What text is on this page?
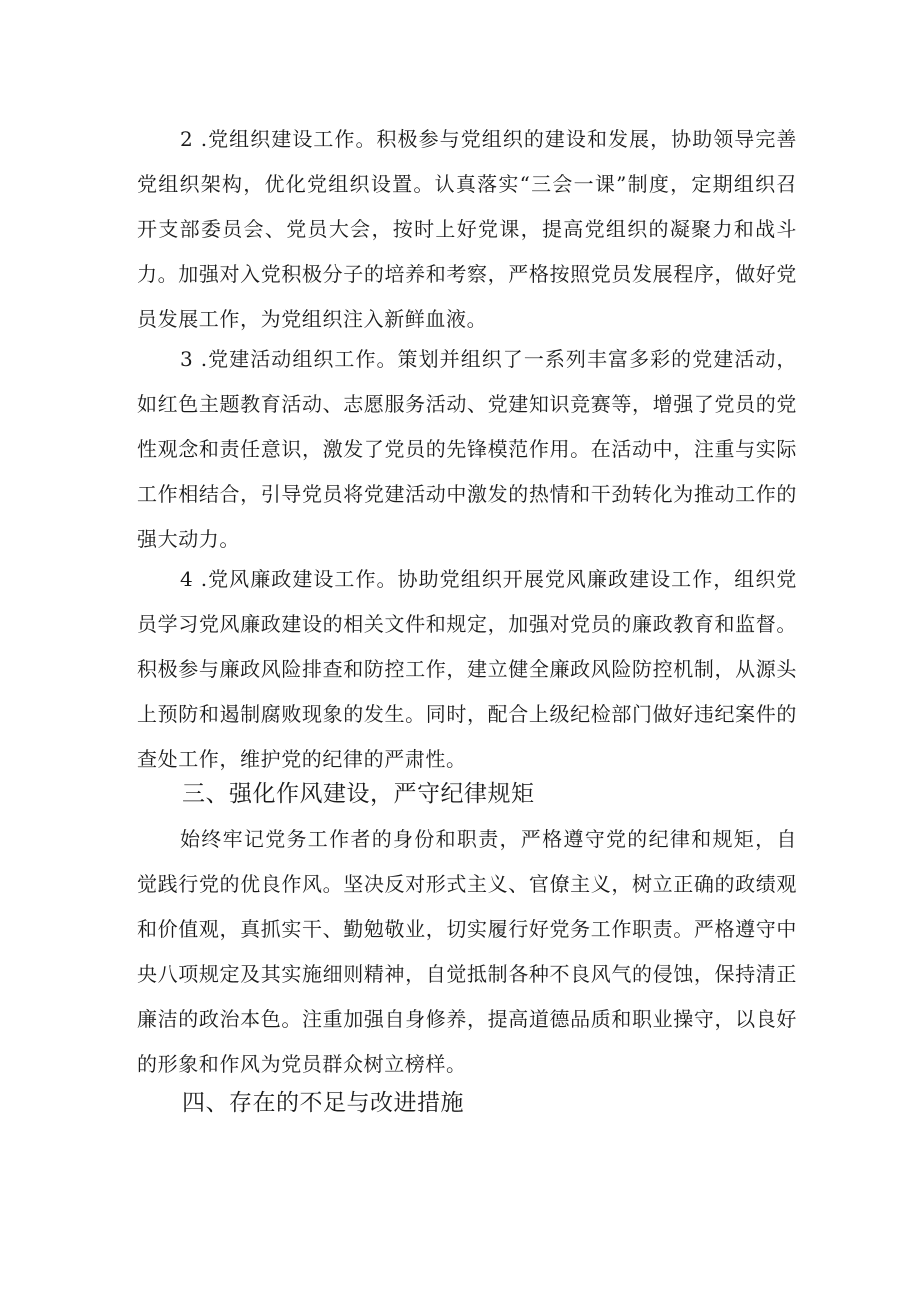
2 .党组织建设工作。积极参与党组织的建设和发展，协助领导完善党组织架构，优化党组织设置。认真落实“三会一课”制度，定期组织召开支部委员会、党员大会，按时上好党课，提高党组织的凝聚力和战斗力。加强对入党积极分子的培养和考察，严格按照党员发展程序，做好党员发展工作，为党组织注入新鲜血液。

3 .党建活动组织工作。策划并组织了一系列丰富多彩的党建活动，如红色主题教育活动、志愿服务活动、党建知识竞赛等，增强了党员的党性观念和责任意识，激发了党员的先锋模范作用。在活动中，注重与实际工作相结合，引导党员将党建活动中激发的热情和干劲转化为推动工作的强大动力。

4 .党风廉政建设工作。协助党组织开展党风廉政建设工作，组织党员学习党风廉政建设的相关文件和规定，加强对党员的廉政教育和监督。积极参与廉政风险排查和防控工作，建立健全廉政风险防控机制，从源头上预防和遏制腐败现象的发生。同时，配合上级纪检部门做好违纪案件的查处工作，维护党的纪律的严肃性。

三、强化作风建设，严守纪律规矩

始终牢记党务工作者的身份和职责，严格遵守党的纪律和规矩，自觉践行党的优良作风。坚决反对形式主义、官僚主义，树立正确的政绩观和价值观，真抓实干、勤勉敬业，切实履行好党务工作职责。严格遵守中央八项规定及其实施细则精神，自觉抵制各种不良风气的侵蚀，保持清正廉洁的政治本色。注重加强自身修养，提高道德品质和职业操守，以良好的形象和作风为党员群众树立榜样。

四、存在的不足与改进措施
